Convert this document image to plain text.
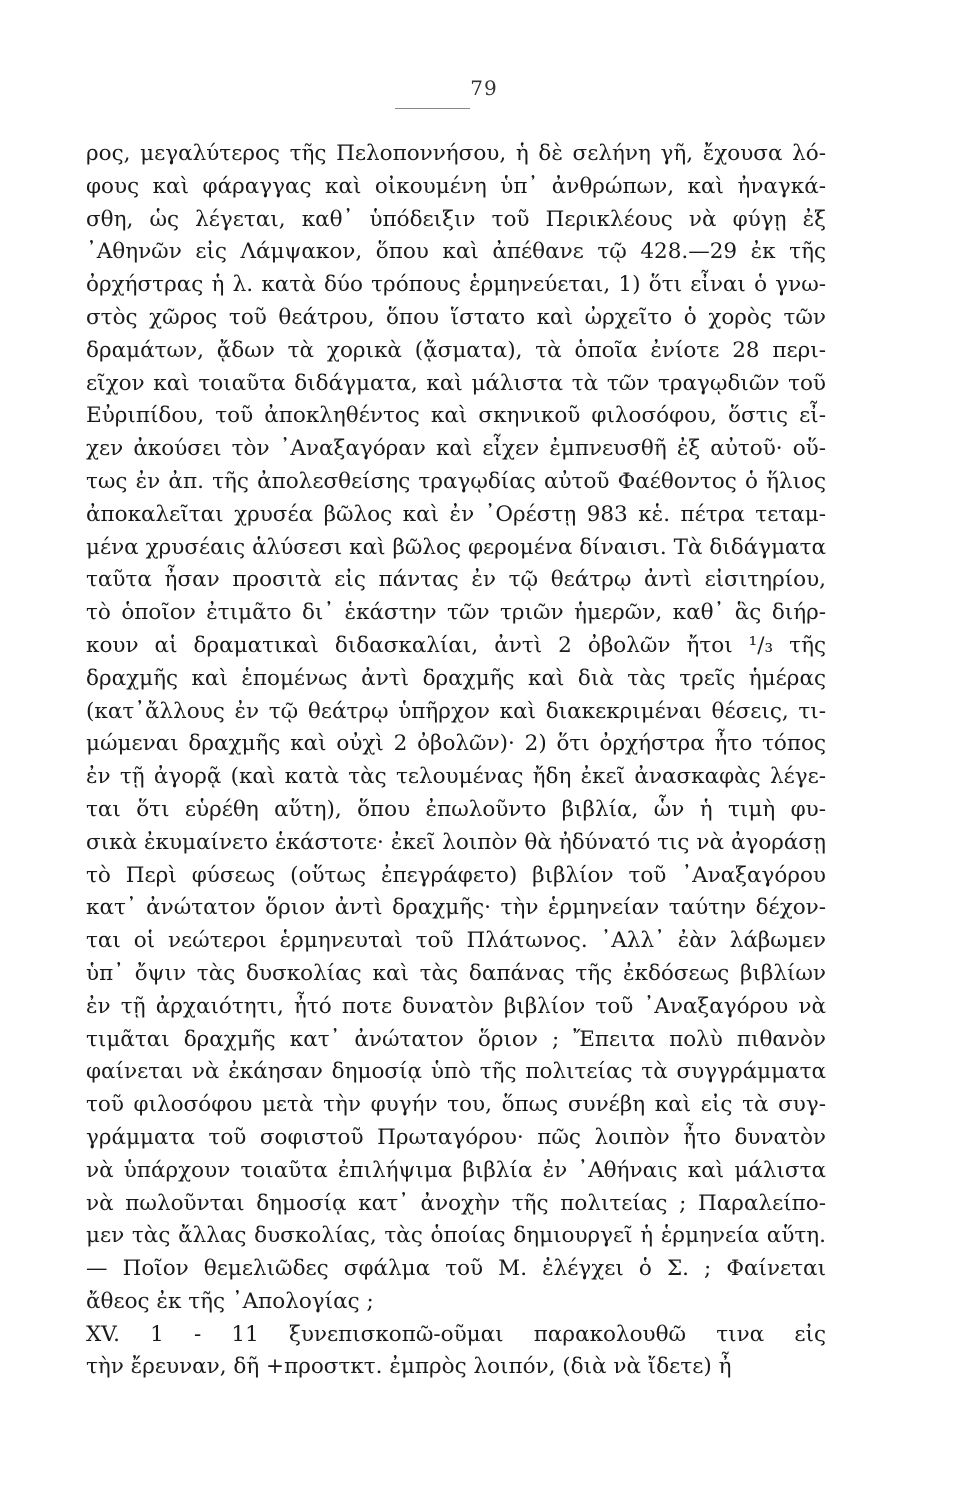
79
ρος, μεγαλύτερος τῆς Πελοποννήσου, ἡ δὲ σελήνη γῆ, ἔχουσα λό-
φους καὶ φάραγγας καὶ οἰκουμένη ὑπ᾽ ἀνθρώπων, καὶ ἠναγκά-
σθη, ὡς λέγεται, καθ᾽ ὑπόδειξιν τοῦ Περικλέους νὰ φύγῃ ἐξ
᾽Αθηνῶν εἰς Λάμψακον, ὅπου καὶ ἀπέθανε τῷ 428.—29 ἐκ τῆς
ὀρχήστρας ἡ λ. κατὰ δύο τρόπους ἑρμηνεύεται, 1) ὅτι εἶναι ὁ γνω-
στὸς χῶρος τοῦ θεάτρου, ὅπου ἵστατο καὶ ὠρχεῖτο ὁ χορὸς τῶν
δραμάτων, ᾄδων τὰ χορικὰ (ᾄσματα), τὰ ὁποῖα ἐνίοτε 28 περι-
εῖχον καὶ τοιαῦτα διδάγματα, καὶ μάλιστα τὰ τῶν τραγῳδιῶν τοῦ
Εὐριπίδου, τοῦ ἀποκληθέντος καὶ σκηνικοῦ φιλοσόφου, ὅστις εἶ-
χεν ἀκούσει τὸν ᾽Αναξαγόραν καὶ εἶχεν ἐμπνευσθῆ ἐξ αὐτοῦ· οὕ-
τως ἐν ἀπ. τῆς ἀπολεσθείσης τραγῳδίας αὐτοῦ Φαέθοντος ὁ ἥλιος
ἀποκαλεῖται χρυσέα βῶλος καὶ ἐν ᾽Ορέστῃ 983 κἑ. πέτρα τεταμ-
μένα χρυσέαις ἁλύσεσι καὶ βῶλος φερομένα δίναισι. Τὰ διδάγματα
ταῦτα ἦσαν προσιτὰ εἰς πάντας ἐν τῷ θεάτρῳ ἀντὶ εἰσιτηρίου,
τὸ ὁποῖον ἐτιμᾶτο δι᾽ ἑκάστην τῶν τριῶν ἡμερῶν, καθ᾽ ἃς διήρ-
κουν αἱ δραματικαὶ διδασκαλίαι, ἀντὶ 2 ὀβολῶν ἤτοι ¹/₃ τῆς
δραχμῆς καὶ ἑπομένως ἀντὶ δραχμῆς καὶ διὰ τὰς τρεῖς ἡμέρας
(κατ᾽ἄλλους ἐν τῷ θεάτρῳ ὑπῆρχον καὶ διακεκριμέναι θέσεις, τι-
μώμεναι δραχμῆς καὶ οὐχὶ 2 ὀβολῶν)· 2) ὅτι ὀρχήστρα ἦτο τόπος
ἐν τῇ ἀγορᾷ (καὶ κατὰ τὰς τελουμένας ἤδη ἐκεῖ ἀνασκαφὰς λέγε-
ται ὅτι εὑρέθη αὕτη), ὅπου ἐπωλοῦντο βιβλία, ὧν ἡ τιμὴ φυ-
σικὰ ἐκυμαίνετο ἑκάστοτε· ἐκεῖ λοιπὸν θὰ ἠδύνατό τις νὰ ἀγοράσῃ
τὸ Περὶ φύσεως (οὕτως ἐπεγράφετο) βιβλίον τοῦ ᾽Αναξαγόρου
κατ᾽ ἀνώτατον ὅριον ἀντὶ δραχμῆς· τὴν ἑρμηνείαν ταύτην δέχον-
ται οἱ νεώτεροι ἑρμηνευταὶ τοῦ Πλάτωνος. ᾽Αλλ᾽ ἐὰν λάβωμεν
ὑπ᾽ ὄψιν τὰς δυσκολίας καὶ τὰς δαπάνας τῆς ἐκδόσεως βιβλίων
ἐν τῇ ἀρχαιότητι, ἦτό ποτε δυνατὸν βιβλίον τοῦ ᾽Αναξαγόρου νὰ
τιμᾶται δραχμῆς κατ᾽ ἀνώτατον ὅριον ; Ἔπειτα πολὺ πιθανὸν
φαίνεται νὰ ἐκάησαν δημοσίᾳ ὑπὸ τῆς πολιτείας τὰ συγγράμματα
τοῦ φιλοσόφου μετὰ τὴν φυγήν του, ὅπως συνέβη καὶ εἰς τὰ συγ-
γράμματα τοῦ σοφιστοῦ Πρωταγόρου· πῶς λοιπὸν ἦτο δυνατὸν
νὰ ὑπάρχουν τοιαῦτα ἐπιλήψιμα βιβλία ἐν ᾽Αθήναις καὶ μάλιστα
νὰ πωλοῦνται δημοσίᾳ κατ᾽ ἀνοχὴν τῆς πολιτείας ; Παραλείπο-
μεν τὰς ἄλλας δυσκολίας, τὰς ὁποίας δημιουργεῖ ἡ ἑρμηνεία αὕτη.
— Ποῖον θεμελιῶδες σφάλμα τοῦ Μ. ἐλέγχει ὁ Σ. ; Φαίνεται
ἄθεος ἐκ τῆς ᾽Απολογίας ;
XV. 1 - 11 ξυνεπισκοπῶ-οῦμαι παρακολουθῶ τινα εἰς
τὴν ἔρευναν, δῆ +προστκτ. ἐμπρὸς λοιπόν, (διὰ νὰ ἴδετε) ἦ
